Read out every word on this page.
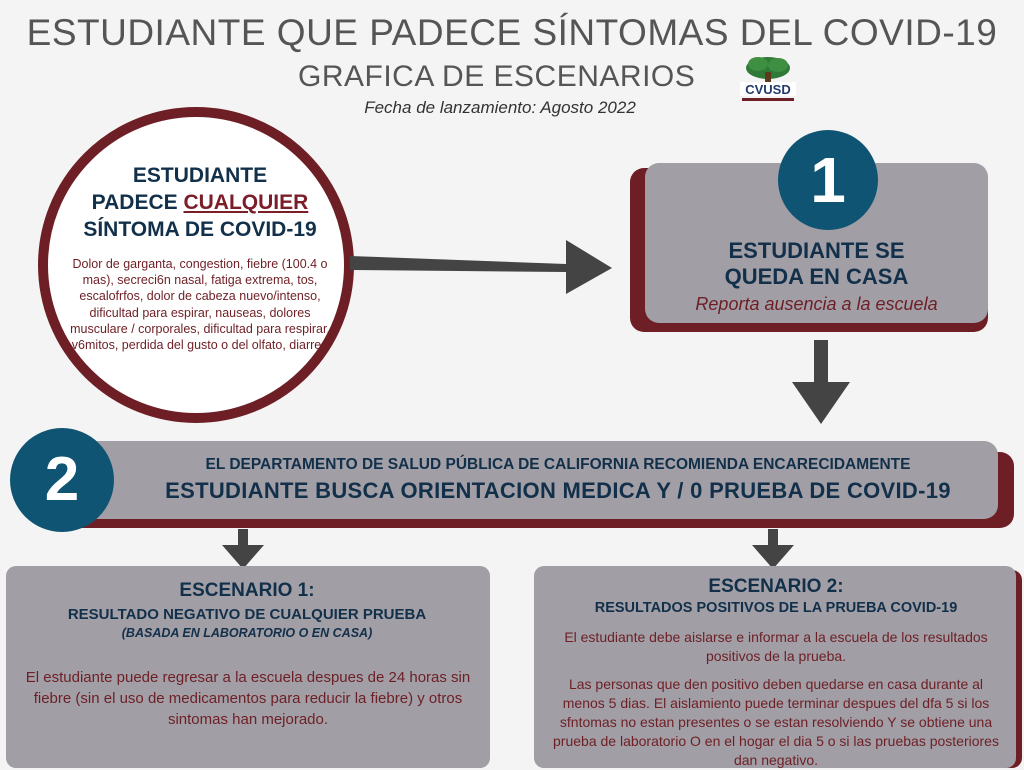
ESTUDIANTE QUE PADECE SÍNTOMAS DEL COVID-19
GRAFICA DE ESCENARIOS
Fecha de lanzamiento: Agosto 2022
CVUSD
ESTUDIANTE
PADECE CUALQUIER
SÍNTOMA DE COVID-19
Dolor de garganta, congestion, fiebre (100.4 o mas), secreci6n nasal, fatiga extrema, tos, escalofrfos, dolor de cabeza nuevo/intenso, dificultad para espirar, nauseas, dolores musculare / corporales, dificultad para respirar, v6mitos, perdida del gusto o del olfato, diarrea
1
ESTUDIANTE SE
QUEDA EN CASA
Reporta ausencia a la escuela
2	EL DEPARTAMENTO DE SALUD PÚBLICA DE CALIFORNIA RECOMIENDA ENCARECIDAMENTE
ESTUDIANTE BUSCA ORIENTACION MEDICA Y / 0 PRUEBA DE COVID-19
ESCENARIO 1:
RESULTADO NEGATIVO DE CUALQUIER PRUEBA
(BASADA EN LABORATORIO O EN CASA)
El estudiante puede regresar a la escuela despues de 24 horas sin fiebre (sin el uso de medicamentos para reducir la fiebre) y otros sintomas han mejorado.
ESCENARIO 2:
RESULTADOS POSITIVOS DE LA PRUEBA COVID-19
El estudiante debe aislarse e informar a la escuela de los resultados positivos de la prueba.
Las personas que den positivo deben quedarse en casa durante al menos 5 dias. El aislamiento puede terminar despues del dfa 5 si los sfntomas no estan presentes o se estan resolviendo Y se obtiene una prueba de laboratorio O en el hogar el dia 5 o si las pruebas posteriores dan negativo.
